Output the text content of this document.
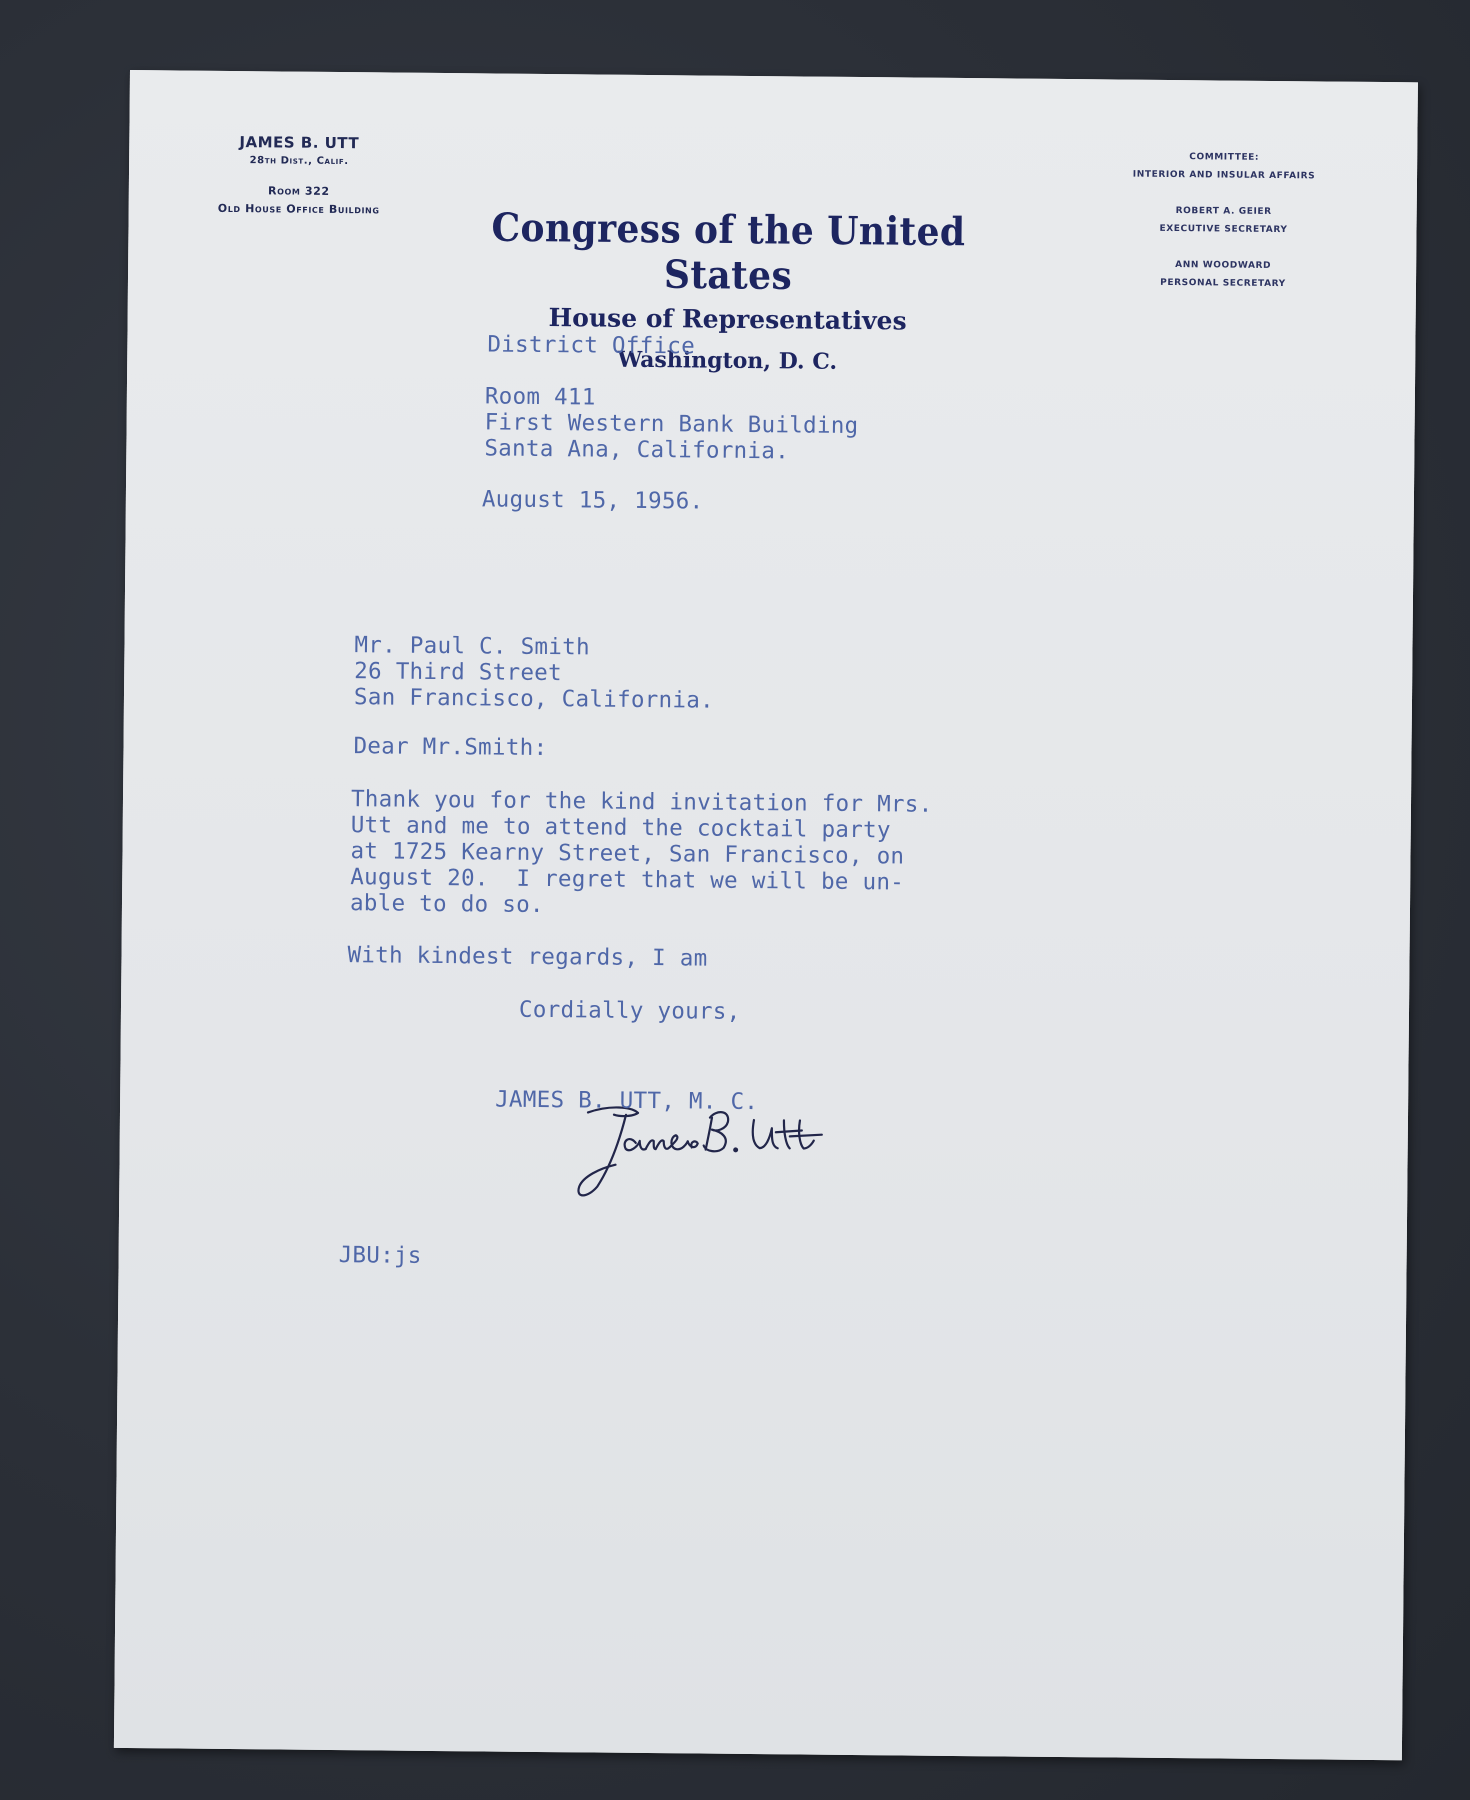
JAMES B. UTT
28th Dist., Calif.
Room 322
Old House Office Building	Congress of the United States
House of Representatives
Washington, D. C.
COMMITTEE:
INTERIOR AND INSULAR AFFAIRS
ROBERT A. GEIER
EXECUTIVE SECRETARY
ANN WOODWARD
PERSONAL SECRETARY
District Office
Room 411
First Western Bank Building
Santa Ana, California.
August 15, 1956.
Mr. Paul C. Smith
26 Third Street
San Francisco, California.
Dear Mr.Smith:
Thank you for the kind invitation for Mrs.
Utt and me to attend the cocktail party
at 1725 Kearny Street, San Francisco, on
August 20.  I regret that we will be un-
able to do so.
With kindest regards, I am
Cordially yours,
JAMES B. UTT, M. C.
JBU:js
